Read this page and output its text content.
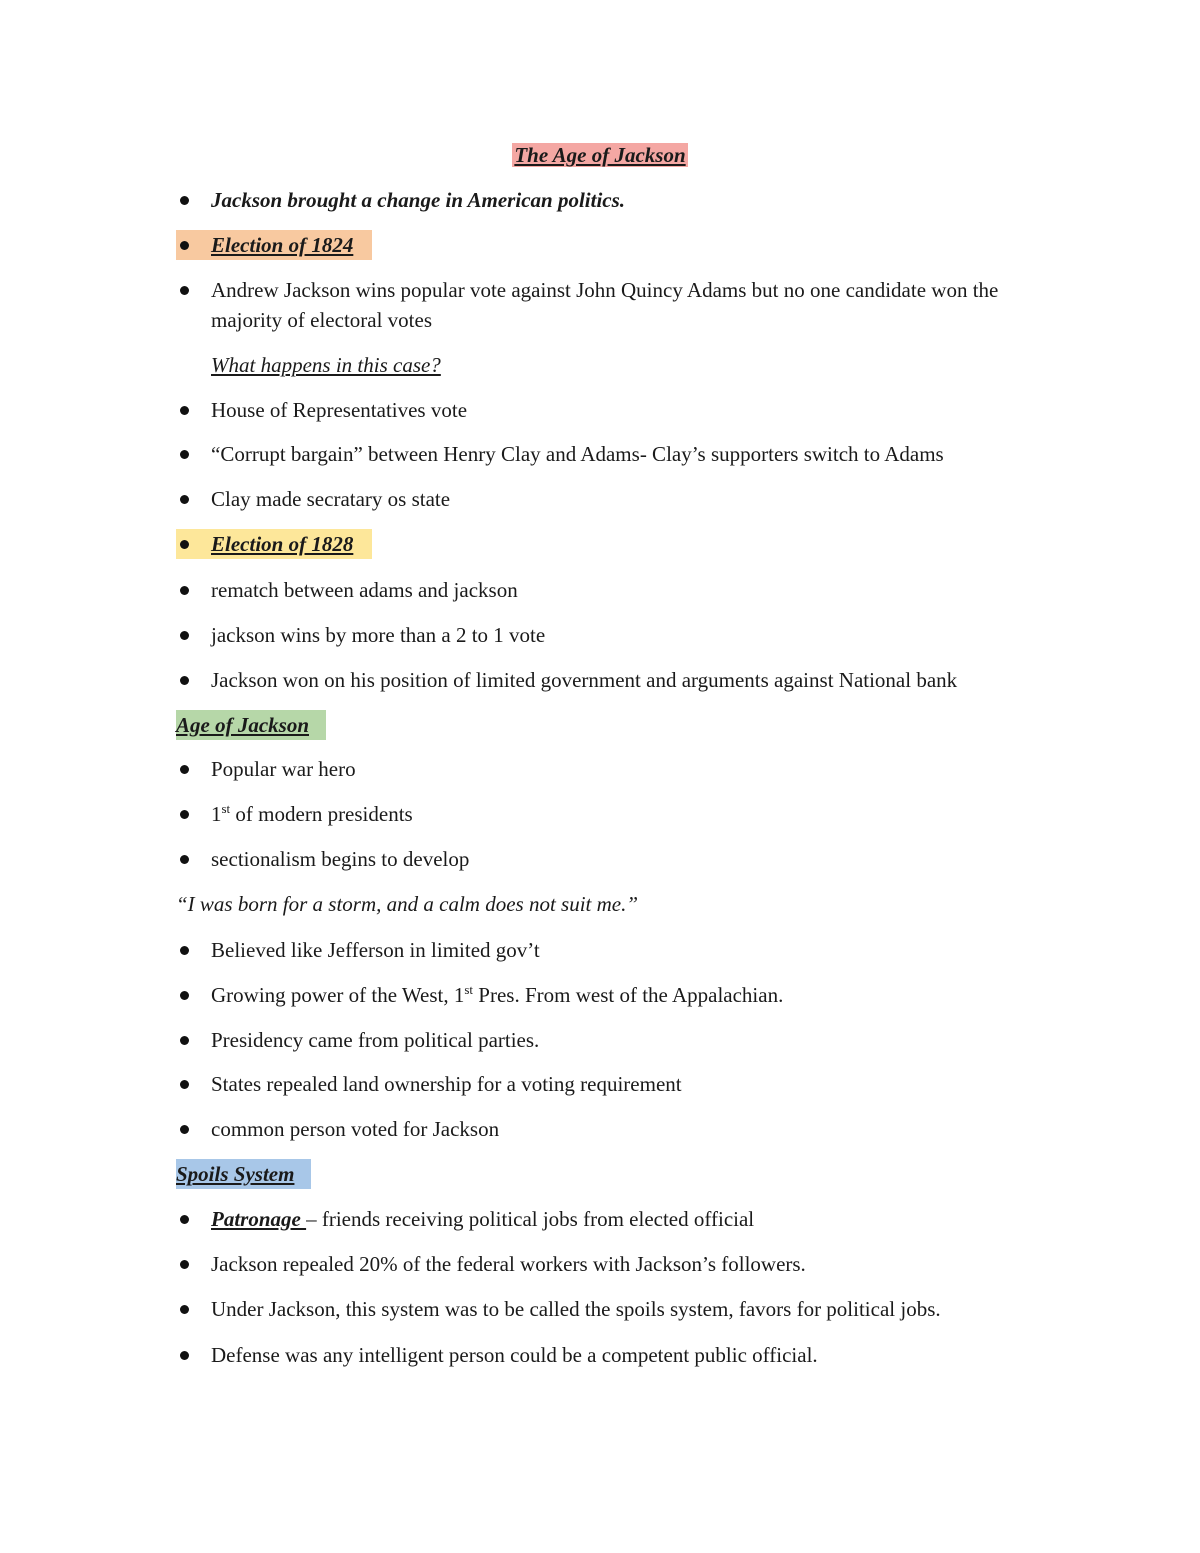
The Age of Jackson
Jackson brought a change in American politics.
Election of 1824
Andrew Jackson wins popular vote against John Quincy Adams but no one candidate won the majority of electoral votes
What happens in this case?
House of Representatives vote
“Corrupt bargain” between Henry Clay and Adams- Clay’s supporters switch to Adams
Clay made secratary os state
Election of 1828
rematch between adams and jackson
jackson wins by more than a 2 to 1 vote
Jackson won on his position of limited government and arguments against National bank
Age of Jackson
Popular war hero
1st of modern presidents
sectionalism begins to develop
“I was born for a storm, and a calm does not suit me.”
Believed like Jefferson in limited gov’t
Growing power of the West, 1st Pres. From west of the Appalachian.
Presidency came from political parties.
States repealed land ownership for a voting requirement
common person voted for Jackson
Spoils System
Patronage – friends receiving political jobs from elected official
Jackson repealed 20% of the federal workers with Jackson’s followers.
Under Jackson, this system was to be called the spoils system, favors for political jobs.
Defense was any intelligent person could be a competent public official.
